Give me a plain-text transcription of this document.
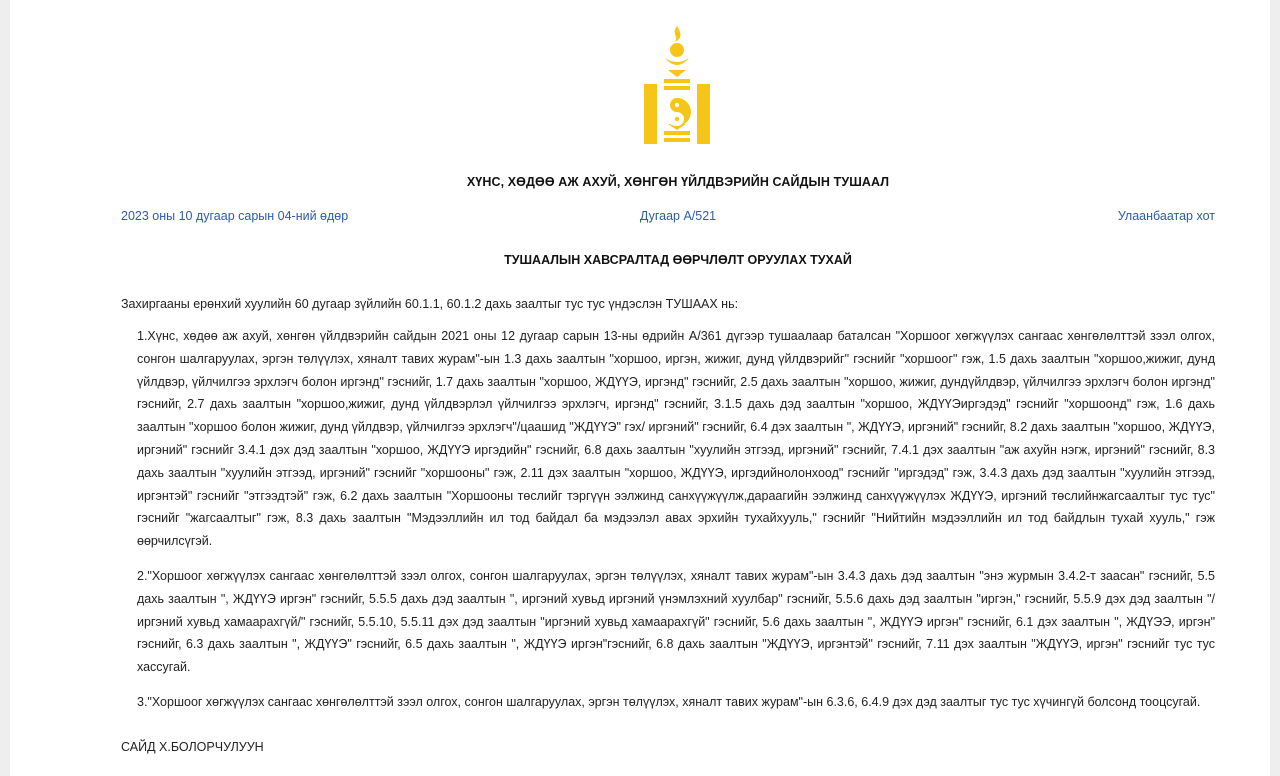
ХҮНС, ХӨДӨӨ АЖ АХУЙ, ХӨНГӨН ҮЙЛДВЭРИЙН САЙДЫН ТУШААЛ
2023 оны 10 дугаар сарын 04-ний өдөр	Дугаар А/521	Улаанбаатар хот
ТУШААЛЫН ХАВСРАЛТАД ӨӨРЧЛӨЛТ ОРУУЛАХ ТУХАЙ
Захиргааны ерөнхий хуулийн 60 дугаар зүйлийн 60.1.1, 60.1.2 дахь заалтыг тус тус үндэслэн ТУШААХ нь:

1.Хүнс, хөдөө аж ахуй, хөнгөн үйлдвэрийн сайдын 2021 оны 12 дугаар сарын 13-ны өдрийн А/361 дүгээр тушаалаар баталсан "Хоршоог хөгжүүлэх сангаас хөнгөлөлттэй зээл олгох, сонгон шалгаруулах, эргэн төлүүлэх, хяналт тавих журам"-ын 1.3 дахь заалтын "хоршоо, иргэн, жижиг, дунд үйлдвэрийг" гэснийг "хоршоог" гэж, 1.5 дахь заалтын "хоршоо,жижиг, дунд үйлдвэр, үйлчилгээ эрхлэгч болон иргэнд" гэснийг, 1.7 дахь заалтын "хоршоо, ЖДҮҮЭ, иргэнд" гэснийг, 2.5 дахь заалтын "хоршоо, жижиг, дундүйлдвэр, үйлчилгээ эрхлэгч болон иргэнд" гэснийг, 2.7 дахь заалтын "хоршоо,жижиг, дунд үйлдвэрлэл үйлчилгээ эрхлэгч, иргэнд" гэснийг, 3.1.5 дахь дэд заалтын "хоршоо, ЖДҮҮЭиргэдэд" гэснийг "хоршоонд" гэж, 1.6 дахь заалтын "хоршоо болон жижиг, дунд үйлдвэр, үйлчилгээ эрхлэгч"/цаашид "ЖДҮҮЭ" гэх/ иргэний" гэснийг, 6.4 дэх заалтын ", ЖДҮҮЭ, иргэний" гэснийг, 8.2 дахь заалтын "хоршоо, ЖДҮҮЭ, иргэний" гэснийг 3.4.1 дэх дэд заалтын "хоршоо, ЖДҮҮЭ иргэдийн" гэснийг, 6.8 дахь заалтын "хуулийн этгээд, иргэний" гэснийг, 7.4.1 дэх заалтын "аж ахуйн нэгж, иргэний" гэснийг, 8.3 дахь заалтын "хуулийн этгээд, иргэний" гэснийг "хоршооны" гэж, 2.11 дэх заалтын "хоршоо, ЖДҮҮЭ, иргэдийнолонхоод" гэснийг "иргэдэд" гэж, 3.4.3 дахь дэд заалтын "хуулийн этгээд, иргэнтэй" гэснийг "этгээдтэй" гэж, 6.2 дахь заалтын "Хоршооны төслийг тэргүүн ээлжинд санхүүжүүлж,дараагийн ээлжинд санхүүжүүлэх ЖДҮҮЭ, иргэний төслийнжагсаалтыг тус тус" гэснийг "жагсаалтыг" гэж, 8.3 дахь заалтын "Мэдээллийн ил тод байдал ба мэдээлэл авах эрхийн тухайхууль," гэснийг "Нийтийн мэдээллийн ил тод байдлын тухай хууль," гэж өөрчилсүгэй.

2."Хоршоог хөгжүүлэх сангаас хөнгөлөлттэй зээл олгох, сонгон шалгаруулах, эргэн төлүүлэх, хяналт тавих журам"-ын 3.4.3 дахь дэд заалтын "энэ журмын 3.4.2-т заасан" гэснийг, 5.5 дахь заалтын ", ЖДҮҮЭ иргэн" гэснийг, 5.5.5 дахь дэд заалтын ", иргэний хувьд иргэний үнэмлэхний хуулбар" гэснийг, 5.5.6 дахь дэд заалтын "иргэн," гэснийг, 5.5.9 дэх дэд заалтын "/иргэний хувьд хамаарахгүй/" гэснийг, 5.5.10, 5.5.11 дэх дэд заалтын "иргэний хувьд хамаарахгүй" гэснийг, 5.6 дахь заалтын ", ЖДҮҮЭ иргэн" гэснийг, 6.1 дэх заалтын ", ЖДҮЭЭ, иргэн" гэснийг, 6.3 дахь заалтын ", ЖДҮҮЭ" гэснийг, 6.5 дахь заалтын ", ЖДҮҮЭ иргэн"гэснийг, 6.8 дахь заалтын "ЖДҮҮЭ, иргэнтэй" гэснийг, 7.11 дэх заалтын "ЖДҮҮЭ, иргэн" гэснийг тус тус хассугай.

3."Хоршоог хөгжүүлэх сангаас хөнгөлөлттэй зээл олгох, сонгон шалгаруулах, эргэн төлүүлэх, хяналт тавих журам"-ын 6.3.6, 6.4.9 дэх дэд заалтыг тус тус хүчингүй болсонд тооцсугай.

САЙД Х.БОЛОРЧУЛУУН
